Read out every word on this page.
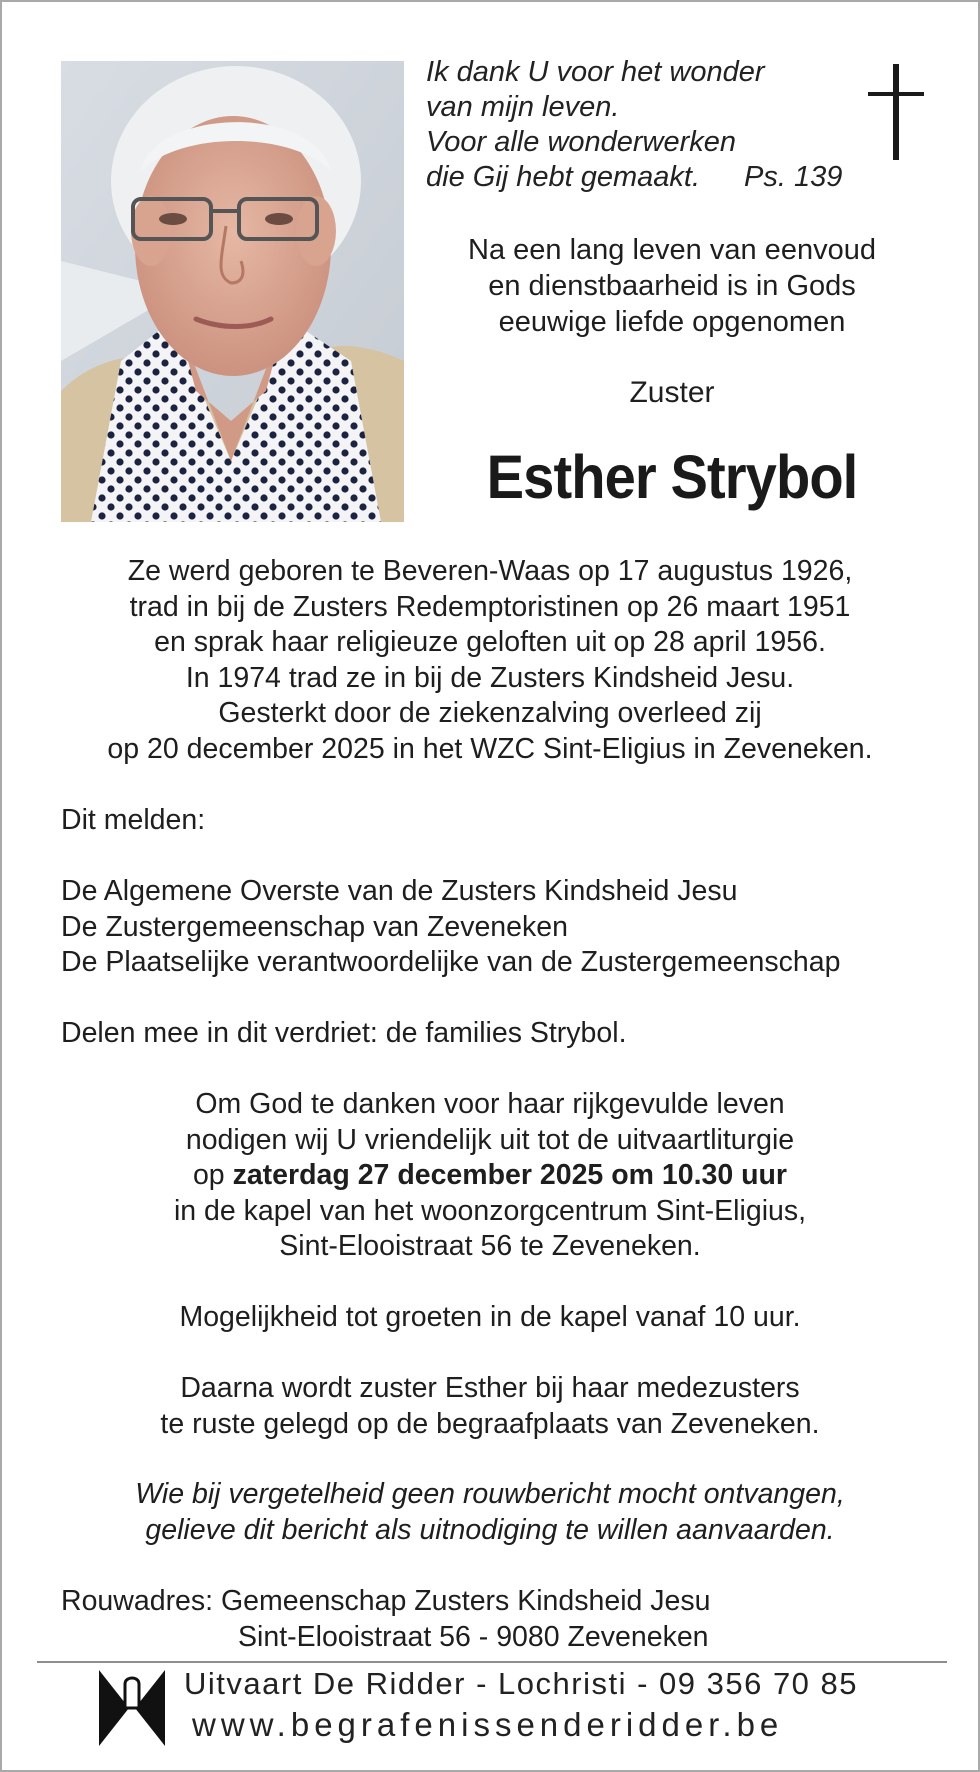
Ik dank U voor het wonder
van mijn leven.
Voor alle wonderwerken
die Gij hebt gemaakt. Ps. 139
Na een lang leven van eenvoud
en dienstbaarheid is in Gods
eeuwige liefde opgenomen
Zuster
Esther Strybol
Ze werd geboren te Beveren-Waas op 17 augustus 1926,
trad in bij de Zusters Redemptoristinen op 26 maart 1951
en sprak haar religieuze geloften uit op 28 april 1956.
In 1974 trad ze in bij de Zusters Kindsheid Jesu.
Gesterkt door de ziekenzalving overleed zij
op 20 december 2025 in het WZC Sint-Eligius in Zeveneken.
Dit melden:
De Algemene Overste van de Zusters Kindsheid Jesu
De Zustergemeenschap van Zeveneken
De Plaatselijke verantwoordelijke van de Zustergemeenschap
Delen mee in dit verdriet: de families Strybol.
Om God te danken voor haar rijkgevulde leven
nodigen wij U vriendelijk uit tot de uitvaartliturgie
op zaterdag 27 december 2025 om 10.30 uur
in de kapel van het woonzorgcentrum Sint-Eligius,
Sint-Elooistraat 56 te Zeveneken.
Mogelijkheid tot groeten in de kapel vanaf 10 uur.
Daarna wordt zuster Esther bij haar medezusters
te ruste gelegd op de begraafplaats van Zeveneken.
Wie bij vergetelheid geen rouwbericht mocht ontvangen,
gelieve dit bericht als uitnodiging te willen aanvaarden.
Rouwadres: Gemeenschap Zusters Kindsheid Jesu
Sint-Elooistraat 56 - 9080 Zeveneken
Uitvaart De Ridder - Lochristi - 09 356 70 85
www.begrafenissenderidder.be
